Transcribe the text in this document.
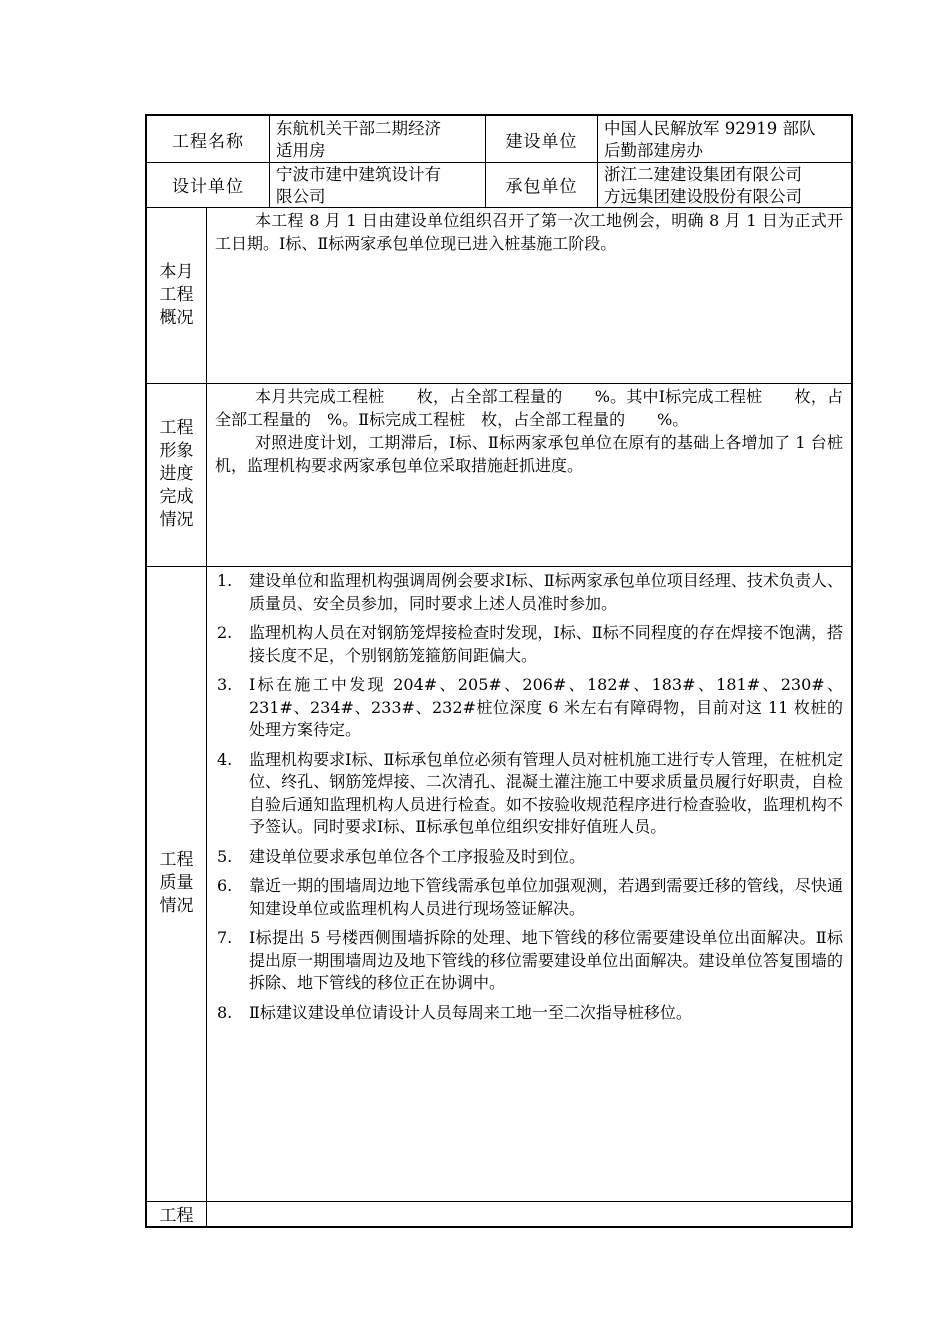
工程名称
东航机关干部二期经济
适用房	建设单位
中国人民解放军 92919 部队
后勤部建房办
设计单位
宁波市建中建筑设计有
限公司	承包单位
浙江二建建设集团有限公司
方远集团建设股份有限公司
本月工程概况

本工程 8 月 1 日由建设单位组织召开了第一次工地例会，明确 8 月 1 日为正式开工日期。Ⅰ标、Ⅱ标两家承包单位现已进入桩基施工阶段。

工程形象进度完成情况

本月共完成工程桩　　枚，占全部工程量的　　%。其中Ⅰ标完成工程桩　　枚，占全部工程量的　%。Ⅱ标完成工程桩　枚，占全部工程量的　　%。

对照进度计划，工期滞后，Ⅰ标、Ⅱ标两家承包单位在原有的基础上各增加了 1 台桩机，监理机构要求两家承包单位采取措施赶抓进度。

工程质量情况
1. 建设单位和监理机构强调周例会要求Ⅰ标、Ⅱ标两家承包单位项目经理、技术负责人、质量员、安全员参加，同时要求上述人员准时参加。
2. 监理机构人员在对钢筋笼焊接检查时发现，Ⅰ标、Ⅱ标不同程度的存在焊接不饱满，搭接长度不足，个别钢筋笼箍筋间距偏大。
3. Ⅰ标在施工中发现 204#、205#、206#、182#、183#、181#、230#、231#、234#、233#、232#桩位深度 6 米左右有障碍物，目前对这 11 枚桩的处理方案待定。
4. 监理机构要求Ⅰ标、Ⅱ标承包单位必须有管理人员对桩机施工进行专人管理，在桩机定位、终孔、钢筋笼焊接、二次清孔、混凝土灌注施工中要求质量员履行好职责，自检自验后通知监理机构人员进行检查。如不按验收规范程序进行检查验收，监理机构不予签认。同时要求Ⅰ标、Ⅱ标承包单位组织安排好值班人员。
5. 建设单位要求承包单位各个工序报验及时到位。
6. 靠近一期的围墙周边地下管线需承包单位加强观测，若遇到需要迁移的管线，尽快通知建设单位或监理机构人员进行现场签证解决。
7. Ⅰ标提出 5 号楼西侧围墙拆除的处理、地下管线的移位需要建设单位出面解决。Ⅱ标提出原一期围墙周边及地下管线的移位需要建设单位出面解决。建设单位答复围墙的拆除、地下管线的移位正在协调中。
8. Ⅱ标建议建设单位请设计人员每周来工地一至二次指导桩移位。
工程
